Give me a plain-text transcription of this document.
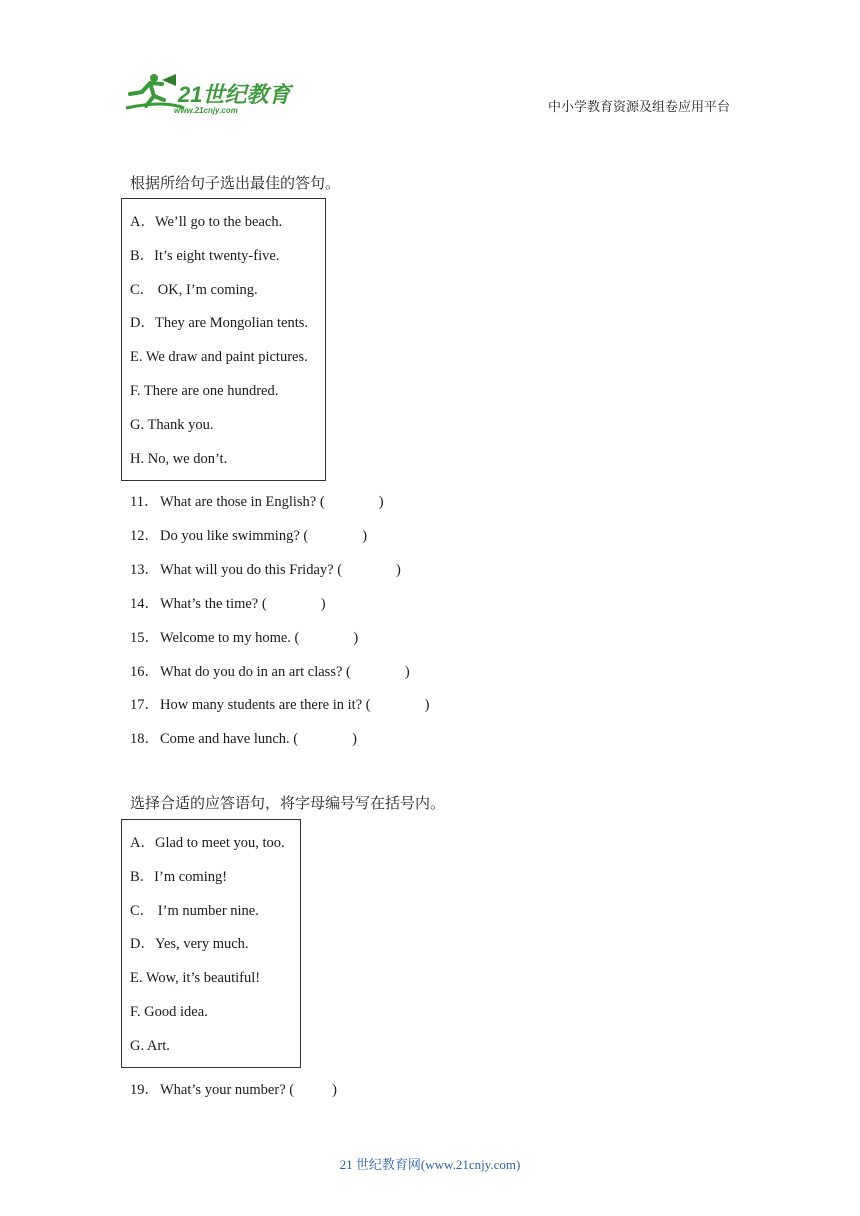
21世纪教育
www.21cnjy.com	中小学教育资源及组卷应用平台
根据所给句子选出最佳的答句。
A．We’ll go to the beach.
B．It’s eight twenty-five.
C． OK, I’m coming.
D．They are Mongolian tents.
E. We draw and paint pictures.
F. There are one hundred.
G. Thank you.
H. No, we don’t.
11． What are those in English? (	)
12．Do you like swimming? (	)
13．What will you do this Friday? (	)
14．What’s the time? (	)
15．Welcome to my home. (	)
16．What do you do in an art class? (	)
17．How many students are there in it? (	)
18．Come and have lunch. (	)
选择合适的应答语句，将字母编号写在括号内。
A．Glad to meet you, too.
B．I’m coming!
C． I’m number nine.
D．Yes, very much.
E. Wow, it’s beautiful!
F. Good idea.
G. Art.
19．What’s your number? (	)
21 世纪教育网(www.21cnjy.com)
